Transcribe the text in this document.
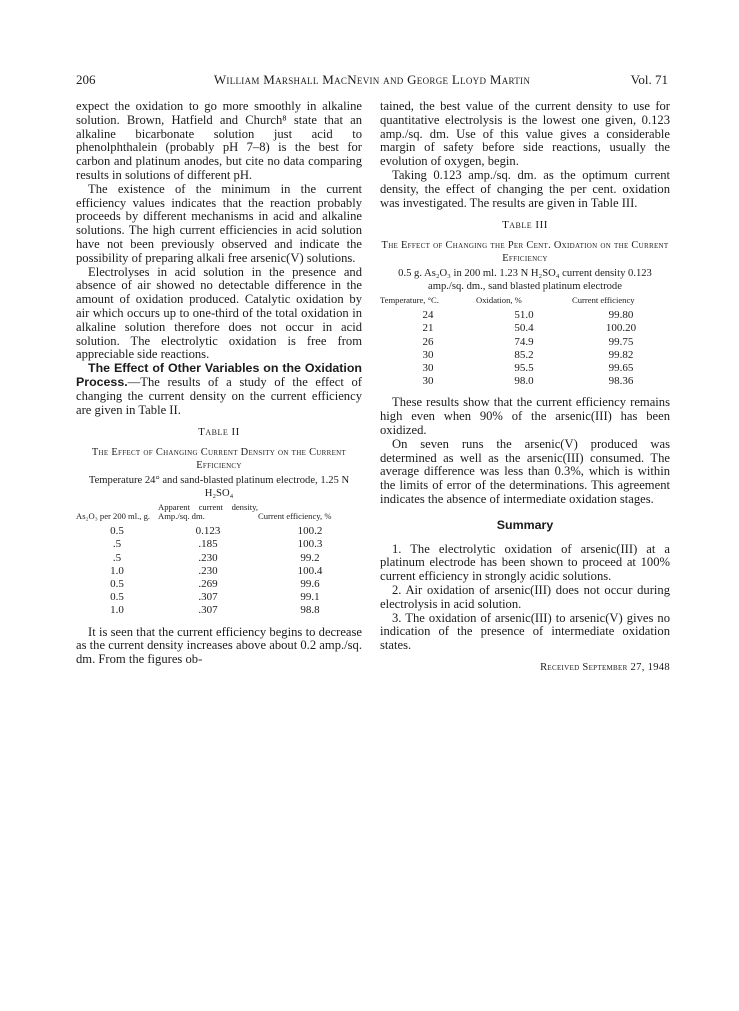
206	William Marshall MacNevin and George Lloyd Martin	Vol. 71

expect the oxidation to go more smoothly in alkaline solution. Brown, Hatfield and Church⁸ state that an alkaline bicarbonate solution just acid to phenolphthalein (probably pH 7–8) is the best for carbon and platinum anodes, but cite no data comparing results in solutions of different pH.

The existence of the minimum in the current efficiency values indicates that the reaction probably proceeds by different mechanisms in acid and alkaline solutions. The high current efficiencies in acid solution have not been previously observed and indicate the possibility of preparing alkali free arsenic(V) solutions.

Electrolyses in acid solution in the presence and absence of air showed no detectable difference in the amount of oxidation produced. Catalytic oxidation by air which occurs up to one-third of the total oxidation in alkaline solution therefore does not occur in acid solution. The electrolytic oxidation is free from appreciable side reactions.

The Effect of Other Variables on the Oxidation Process.—The results of a study of the effect of changing the current density on the current efficiency are given in Table II.

Table II
The Effect of Changing Current Density on the Current Efficiency
Temperature 24° and sand-blasted platinum electrode, 1.25 N H₂SO₄
As₂O₃ per 200 ml., g.	Apparent current density, Amp./sq. dm.	Current efficiency, %
0.5	0.123	100.2
.5	.185	100.3
.5	.230	99.2
1.0	.230	100.4
0.5	.269	99.6
0.5	.307	99.1
1.0	.307	98.8

It is seen that the current efficiency begins to decrease as the current density increases above about 0.2 amp./sq. dm. From the figures ob-

tained, the best value of the current density to use for quantitative electrolysis is the lowest one given, 0.123 amp./sq. dm. Use of this value gives a considerable margin of safety before side reactions, usually the evolution of oxygen, begin.

Taking 0.123 amp./sq. dm. as the optimum current density, the effect of changing the per cent. oxidation was investigated. The results are given in Table III.

Table III
The Effect of Changing the Per Cent. Oxidation on the Current Efficiency
0.5 g. As₂O₃ in 200 ml. 1.23 N H₂SO₄ current density 0.123 amp./sq. dm., sand blasted platinum electrode
Temperature, °C.	Oxidation, %	Current efficiency
24	51.0	99.80
21	50.4	100.20
26	74.9	99.75
30	85.2	99.82
30	95.5	99.65
30	98.0	98.36

These results show that the current efficiency remains high even when 90% of the arsenic(III) has been oxidized.

On seven runs the arsenic(V) produced was determined as well as the arsenic(III) consumed. The average difference was less than 0.3%, which is within the limits of error of the determinations. This agreement indicates the absence of intermediate oxidation stages.

Summary

1. The electrolytic oxidation of arsenic(III) at a platinum electrode has been shown to proceed at 100% current efficiency in strongly acidic solutions.

2. Air oxidation of arsenic(III) does not occur during electrolysis in acid solution.

3. The oxidation of arsenic(III) to arsenic(V) gives no indication of the presence of intermediate oxidation states.

Received September 27, 1948
